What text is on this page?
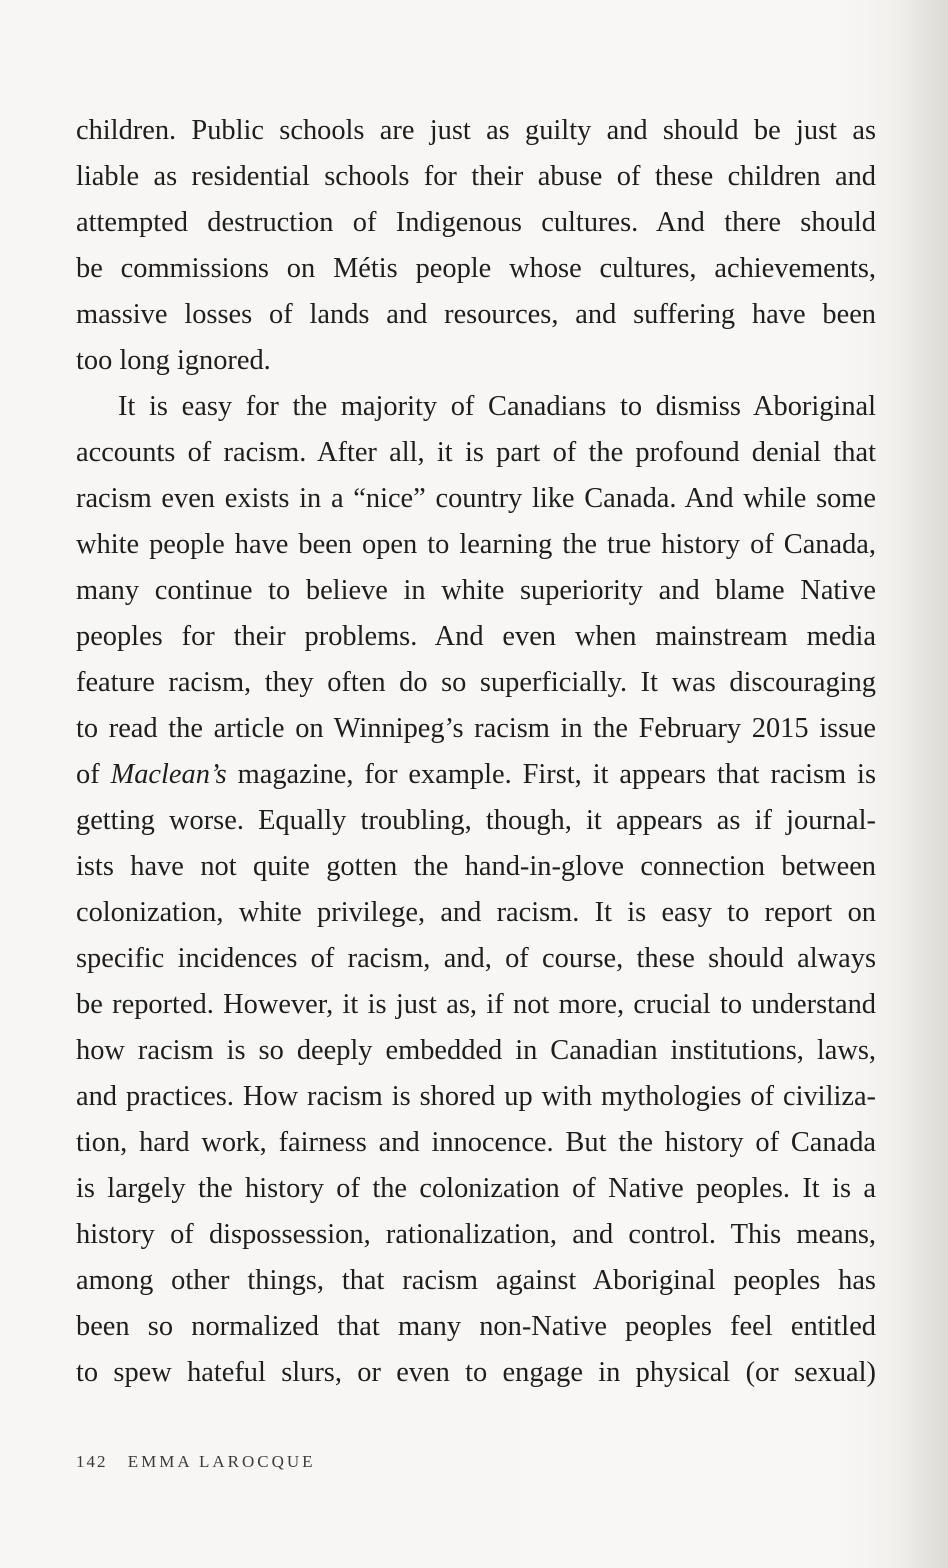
children. Public schools are just as guilty and should be just as
liable as residential schools for their abuse of these children and
attempted destruction of Indigenous cultures. And there should
be commissions on Métis people whose cultures, achievements,
massive losses of lands and resources, and suffering have been
too long ignored.
It is easy for the majority of Canadians to dismiss Aboriginal
accounts of racism. After all, it is part of the profound denial that
racism even exists in a “nice” country like Canada. And while some
white people have been open to learning the true history of Canada,
many continue to believe in white superiority and blame Native
peoples for their problems. And even when mainstream media
feature racism, they often do so superficially. It was discouraging
to read the article on Winnipeg’s racism in the February 2015 issue
of Maclean’s magazine, for example. First, it appears that racism is
getting worse. Equally troubling, though, it appears as if journal-
ists have not quite gotten the hand-in-glove connection between
colonization, white privilege, and racism. It is easy to report on
specific incidences of racism, and, of course, these should always
be reported. However, it is just as, if not more, crucial to understand
how racism is so deeply embedded in Canadian institutions, laws,
and practices. How racism is shored up with mythologies of civiliza-
tion, hard work, fairness and innocence. But the history of Canada
is largely the history of the colonization of Native peoples. It is a
history of dispossession, rationalization, and control. This means,
among other things, that racism against Aboriginal peoples has
been so normalized that many non-Native peoples feel entitled
to spew hateful slurs, or even to engage in physical (or sexual)
142 EMMA LAROCQUE
